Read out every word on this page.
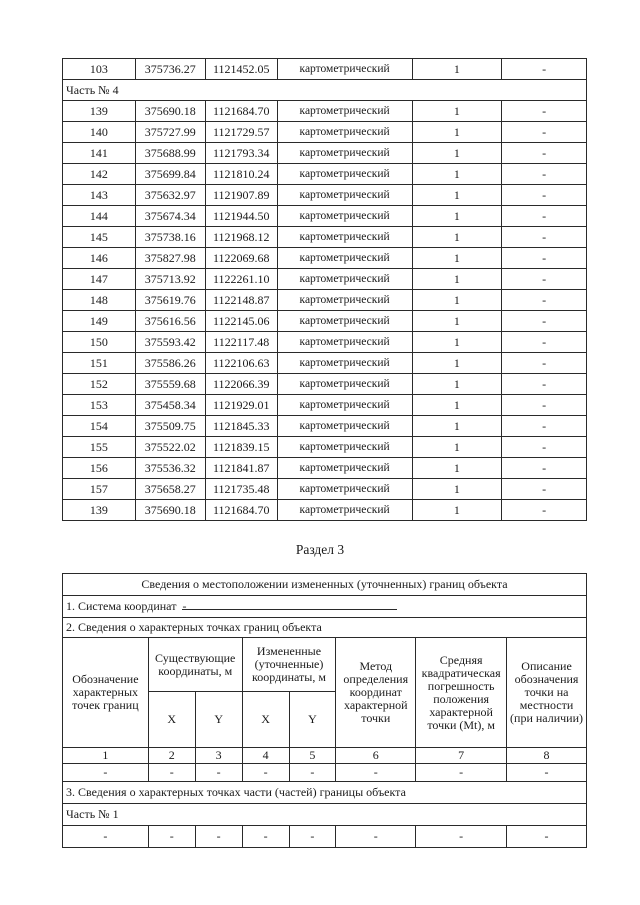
103	375736.27	1121452.05	картометрический	1	-
Часть № 4					
139	375690.18	1121684.70	картометрический	1	-
140	375727.99	1121729.57	картометрический	1	-
141	375688.99	1121793.34	картометрический	1	-
142	375699.84	1121810.24	картометрический	1	-
143	375632.97	1121907.89	картометрический	1	-
144	375674.34	1121944.50	картометрический	1	-
145	375738.16	1121968.12	картометрический	1	-
146	375827.98	1122069.68	картометрический	1	-
147	375713.92	1122261.10	картометрический	1	-
148	375619.76	1122148.87	картометрический	1	-
149	375616.56	1122145.06	картометрический	1	-
150	375593.42	1122117.48	картометрический	1	-
151	375586.26	1122106.63	картометрический	1	-
152	375559.68	1122066.39	картометрический	1	-
153	375458.34	1121929.01	картометрический	1	-
154	375509.75	1121845.33	картометрический	1	-
155	375522.02	1121839.15	картометрический	1	-
156	375536.32	1121841.87	картометрический	1	-
157	375658.27	1121735.48	картометрический	1	-
139	375690.18	1121684.70	картометрический	1	-
Раздел 3
Сведения о местоположении измененных (уточненных) границ объекта							
1. Система координат -							
2. Сведения о характерных точках границ объекта							
Обозначение характерных точек границ	Существующие координаты, м		Измененные (уточненные) координаты, м		Метод определения координат характерной точки	Средняя квадратическая погрешность положения характерной точки (Mt), м	Описание обозначения точки на местности (при наличии)
	X	Y	X	Y			
1	2	3	4	5	6	7	8
-	-	-	-	-	-	-	-
3. Сведения о характерных точках части (частей) границы объекта							
Часть № 1							
-	-	-	-	-	-	-	-
